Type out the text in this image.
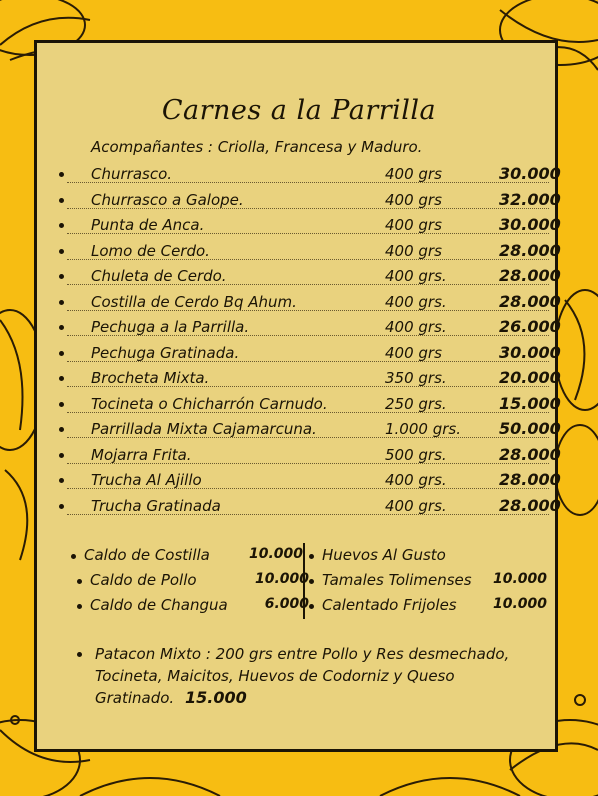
Carnes a la Parrilla
Acompañantes : Criolla, Francesa y Maduro.
Churrasco.	400 grs	30.000
Churrasco a Galope.	400 grs	32.000
Punta de Anca.	400 grs	30.000
Lomo de Cerdo.	400 grs	28.000
Chuleta de Cerdo.	400 grs.	28.000
Costilla de Cerdo Bq Ahum.	400 grs.	28.000
Pechuga a la Parrilla.	400 grs.	26.000
Pechuga Gratinada.	400 grs	30.000
Brocheta Mixta.	350 grs.	20.000
Tocineta o Chicharrón Carnudo.	250 grs.	15.000
Parrillada Mixta Cajamarcuna.	1.000 grs. 50.000
Mojarra Frita.	500 grs.	28.000
Trucha Al Ajillo	400 grs.	28.000
Trucha Gratinada	400 grs.	28.000
Caldo de Costilla	10.000
Caldo de Pollo	10.000
Caldo de Changua	6.000
Huevos Al Gusto
Tamales Tolimenses 10.000
Calentado Frijoles	10.000
Patacon Mixto : 200 grs entre Pollo y Res desmechado, Tocineta, Maicitos, Huevos de Codorniz y Queso Gratinado. 15.000
